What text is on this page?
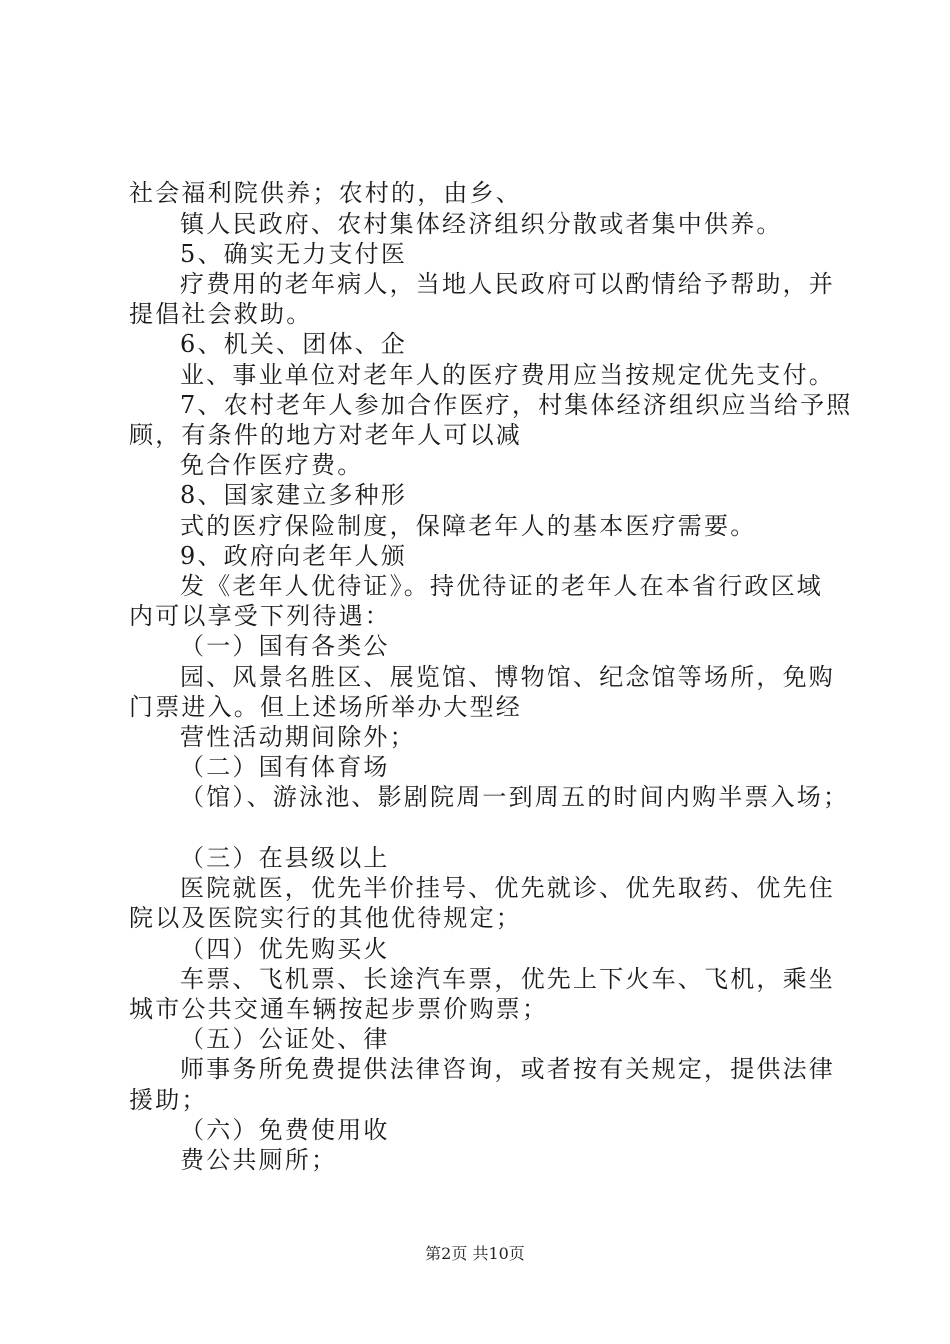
社会福利院供养；农村的，由乡、
镇人民政府、农村集体经济组织分散或者集中供养。
5、确实无力支付医
疗费用的老年病人，当地人民政府可以酌情给予帮助，并
提倡社会救助。
6、机关、团体、企
业、事业单位对老年人的医疗费用应当按规定优先支付。
7、农村老年人参加合作医疗，村集体经济组织应当给予照
顾，有条件的地方对老年人可以减
免合作医疗费。
8、国家建立多种形
式的医疗保险制度，保障老年人的基本医疗需要。
9、政府向老年人颁
发《老年人优待证》。持优待证的老年人在本省行政区域
内可以享受下列待遇：
（一）国有各类公
园、风景名胜区、展览馆、博物馆、纪念馆等场所，免购
门票进入。但上述场所举办大型经
营性活动期间除外；
（二）国有体育场
（馆）、游泳池、影剧院周一到周五的时间内购半票入场；
（三）在县级以上
医院就医，优先半价挂号、优先就诊、优先取药、优先住
院以及医院实行的其他优待规定；
（四）优先购买火
车票、飞机票、长途汽车票，优先上下火车、飞机，乘坐
城市公共交通车辆按起步票价购票；
（五）公证处、律
师事务所免费提供法律咨询，或者按有关规定，提供法律
援助；
（六）免费使用收
费公共厕所；
第2页 共10页
